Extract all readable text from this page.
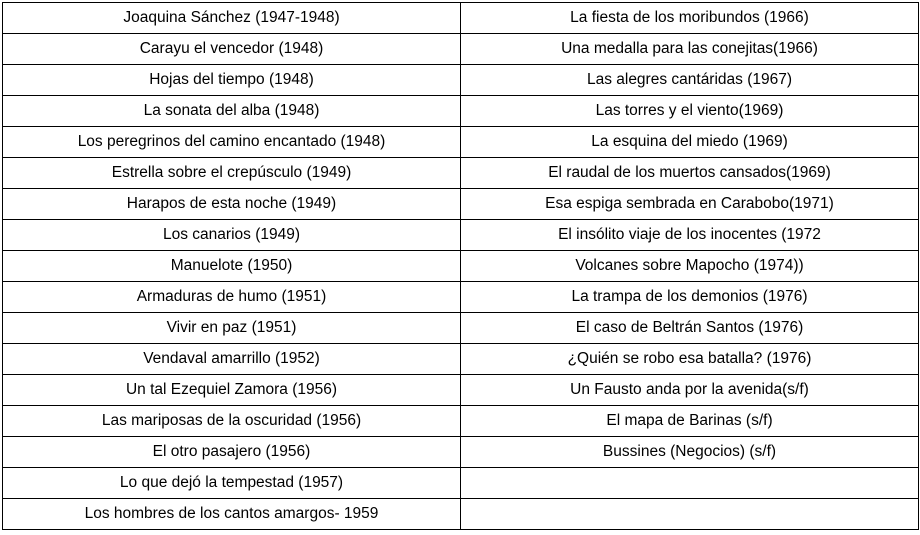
Joaquina Sánchez (1947-1948)	La fiesta de los moribundos (1966)
Carayu el vencedor (1948)	Una medalla para las conejitas(1966)
Hojas del tiempo (1948)	Las alegres cantáridas (1967)
La sonata del alba (1948)	Las torres y el viento(1969)
Los peregrinos del camino encantado (1948)	La esquina del miedo (1969)
Estrella sobre el crepúsculo (1949)	El raudal de los muertos cansados(1969)
Harapos de esta noche (1949)	Esa espiga sembrada en Carabobo(1971)
Los canarios (1949)	El insólito viaje de los inocentes (1972
Manuelote (1950)	Volcanes sobre Mapocho (1974))
Armaduras de humo (1951)	La trampa de los demonios (1976)
Vivir en paz (1951)	El caso de Beltrán Santos (1976)
Vendaval amarrillo (1952)	¿Quién se robo esa batalla? (1976)
Un tal Ezequiel Zamora (1956)	Un Fausto anda por la avenida(s/f)
Las mariposas de la oscuridad (1956)	El mapa de Barinas (s/f)
El otro pasajero (1956)	Bussines (Negocios) (s/f)
Lo que dejó la tempestad (1957)	
Los hombres de los cantos amargos- 1959	
